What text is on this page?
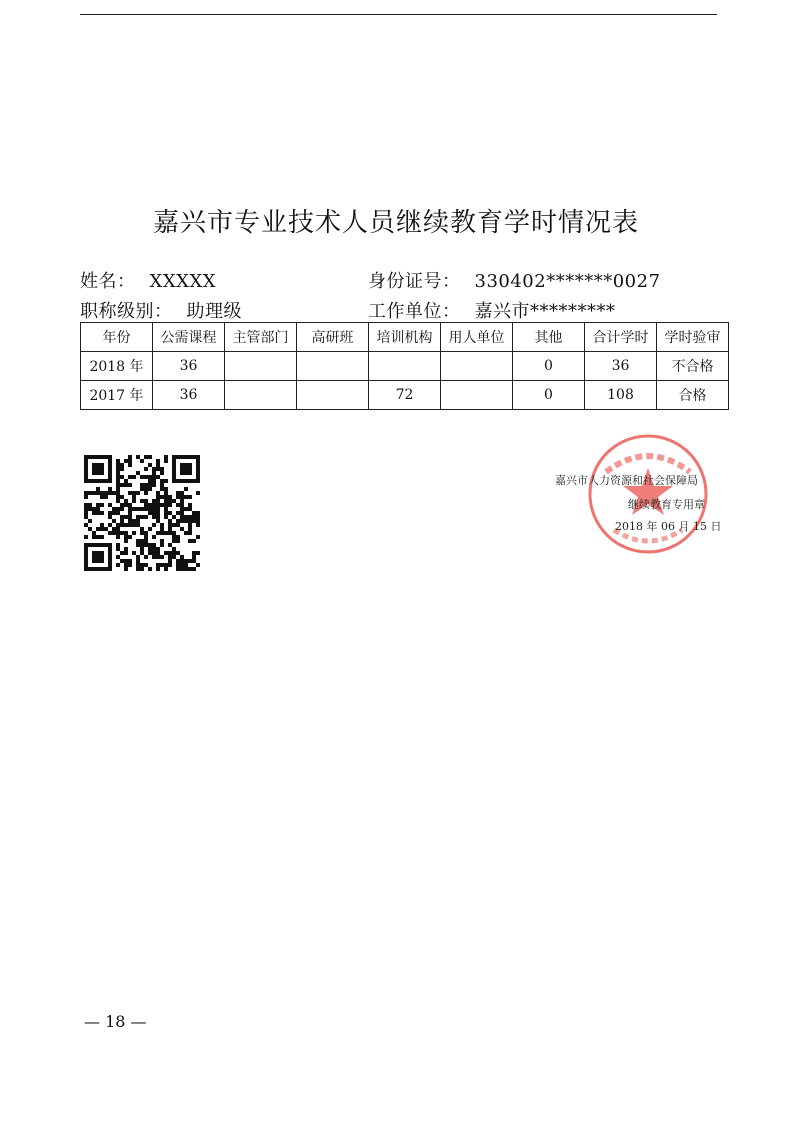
嘉兴市专业技术人员继续教育学时情况表
姓名： XXXXX	身份证号： 330402*******0027
职称级别： 助理级	工作单位： 嘉兴市*********
年份	公需课程	主管部门	高研班	培训机构	用人单位	其他	合计学时	学时验审
2018 年	36					0	36	不合格
2017 年	36			72		0	108	合格
嘉兴市人力资源和社会保障局
继续教育专用章
2018 年 06 月 15 日
— 18 —
